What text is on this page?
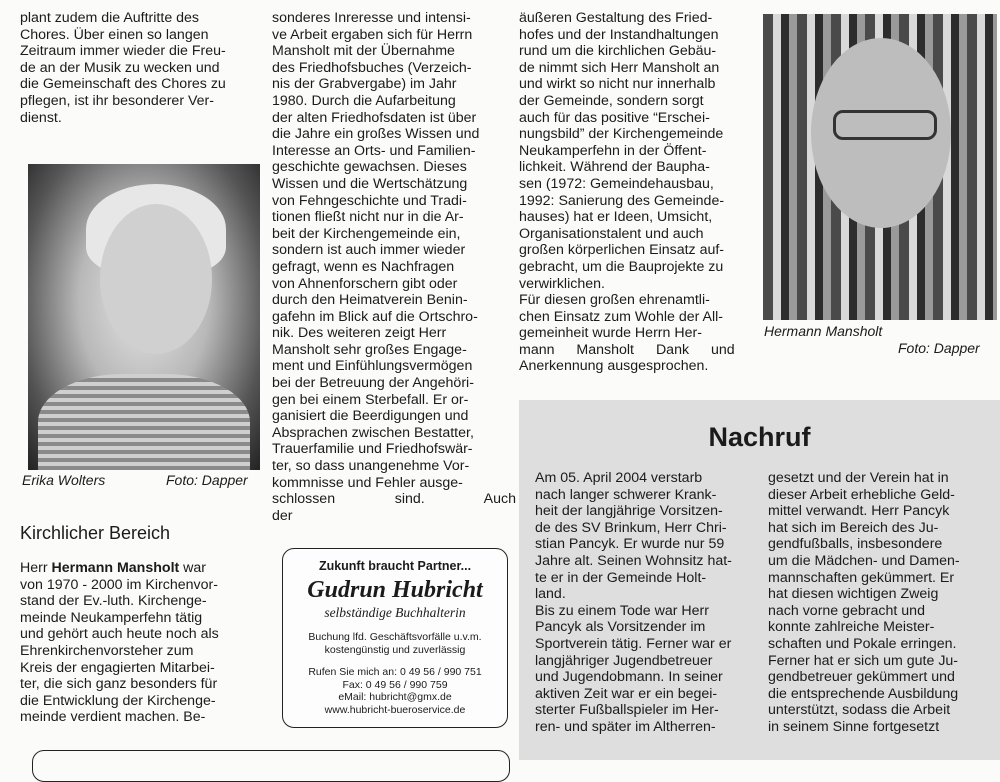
plant zudem die Auftritte des

Chores. Über einen so langen

Zeitraum immer wieder die Freu-

de an der Musik zu wecken und

die Gemeinschaft des Chores zu

pflegen, ist ihr besonderer Ver-

dienst.

Erika Wolters	Foto: Dapper
Kirchlicher Bereich

Herr Hermann Mansholt war

von 1970 - 2000 im Kirchenvor-

stand der Ev.-luth. Kirchenge-

meinde Neukamperfehn tätig

und gehört auch heute noch als

Ehrenkirchenvorsteher zum

Kreis der engagierten Mitarbei-

ter, die sich ganz besonders für

die Entwicklung der Kirchenge-

meinde verdient machen. Be-

sonderes Inreresse und intensi-

ve Arbeit ergaben sich für Herrn

Mansholt mit der Übernahme

des Friedhofsbuches (Verzeich-

nis der Grabvergabe) im Jahr

1980. Durch die Aufarbeitung

der alten Friedhofsdaten ist über

die Jahre ein großes Wissen und

Interesse an Orts- und Familien-

geschichte gewachsen. Dieses

Wissen und die Wertschätzung

von Fehngeschichte und Tradi-

tionen fließt nicht nur in die Ar-

beit der Kirchengemeinde ein,

sondern ist auch immer wieder

gefragt, wenn es Nachfragen

von Ahnenforschern gibt oder

durch den Heimatverein Benin-

gafehn im Blick auf die Ortschro-

nik. Des weiteren zeigt Herr

Mansholt sehr großes Engage-

ment und Einfühlungsvermögen

bei der Betreuung der Angehöri-

gen bei einem Sterbefall. Er or-

ganisiert die Beerdigungen und

Absprachen zwischen Bestatter,

Trauerfamilie und Friedhofswär-

ter, so dass unangenehme Vor-

kommnisse und Fehler ausge-

schlossen sind. Auch der

Zukunft braucht Partner...
Gudrun Hubricht
selbständige Buchhalterin
Buchung lfd. Geschäftsvorfälle u.v.m.
kostengünstig und zuverlässig
Rufen Sie mich an: 0 49 56 / 990 751
Fax: 0 49 56 / 990 759
eMail: hubricht@gmx.de
www.hubricht-bueroservice.de

äußeren Gestaltung des Fried-

hofes und der Instandhaltungen

rund um die kirchlichen Gebäu-

de nimmt sich Herr Mansholt an

und wirkt so nicht nur innerhalb

der Gemeinde, sondern sorgt

auch für das positive “Erschei-

nungsbild” der Kirchengemeinde

Neukamperfehn in der Öffent-

lichkeit. Während der Baupha-

sen (1972: Gemeindehausbau,

1992: Sanierung des Gemeinde-

hauses) hat er Ideen, Umsicht,

Organisationstalent und auch

großen körperlichen Einsatz auf-

gebracht, um die Bauprojekte zu

verwirklichen.

Für diesen großen ehrenamtli-

chen Einsatz zum Wohle der All-

gemeinheit wurde Herrn Her-

mann Mansholt Dank und

Anerkennung ausgesprochen.

Hermann Mansholt
Foto: Dapper
Nachruf

Am 05. April 2004 verstarb

nach langer schwerer Krank-

heit der langjährige Vorsitzen-

de des SV Brinkum, Herr Chri-

stian Pancyk. Er wurde nur 59

Jahre alt. Seinen Wohnsitz hat-

te er in der Gemeinde Holt-

land.

Bis zu einem Tode war Herr

Pancyk als Vorsitzender im

Sportverein tätig. Ferner war er

langjähriger Jugendbetreuer

und Jugendobmann. In seiner

aktiven Zeit war er ein begei-

sterter Fußballspieler im Her-

ren- und später im Altherren-

gesetzt und der Verein hat in

dieser Arbeit erhebliche Geld-

mittel verwandt. Herr Pancyk

hat sich im Bereich des Ju-

gendfußballs, insbesondere

um die Mädchen- und Damen-

mannschaften gekümmert. Er

hat diesen wichtigen Zweig

nach vorne gebracht und

konnte zahlreiche Meister-

schaften und Pokale erringen.

Ferner hat er sich um gute Ju-

gendbetreuer gekümmert und

die entsprechende Ausbildung

unterstützt, sodass die Arbeit

in seinem Sinne fortgesetzt
